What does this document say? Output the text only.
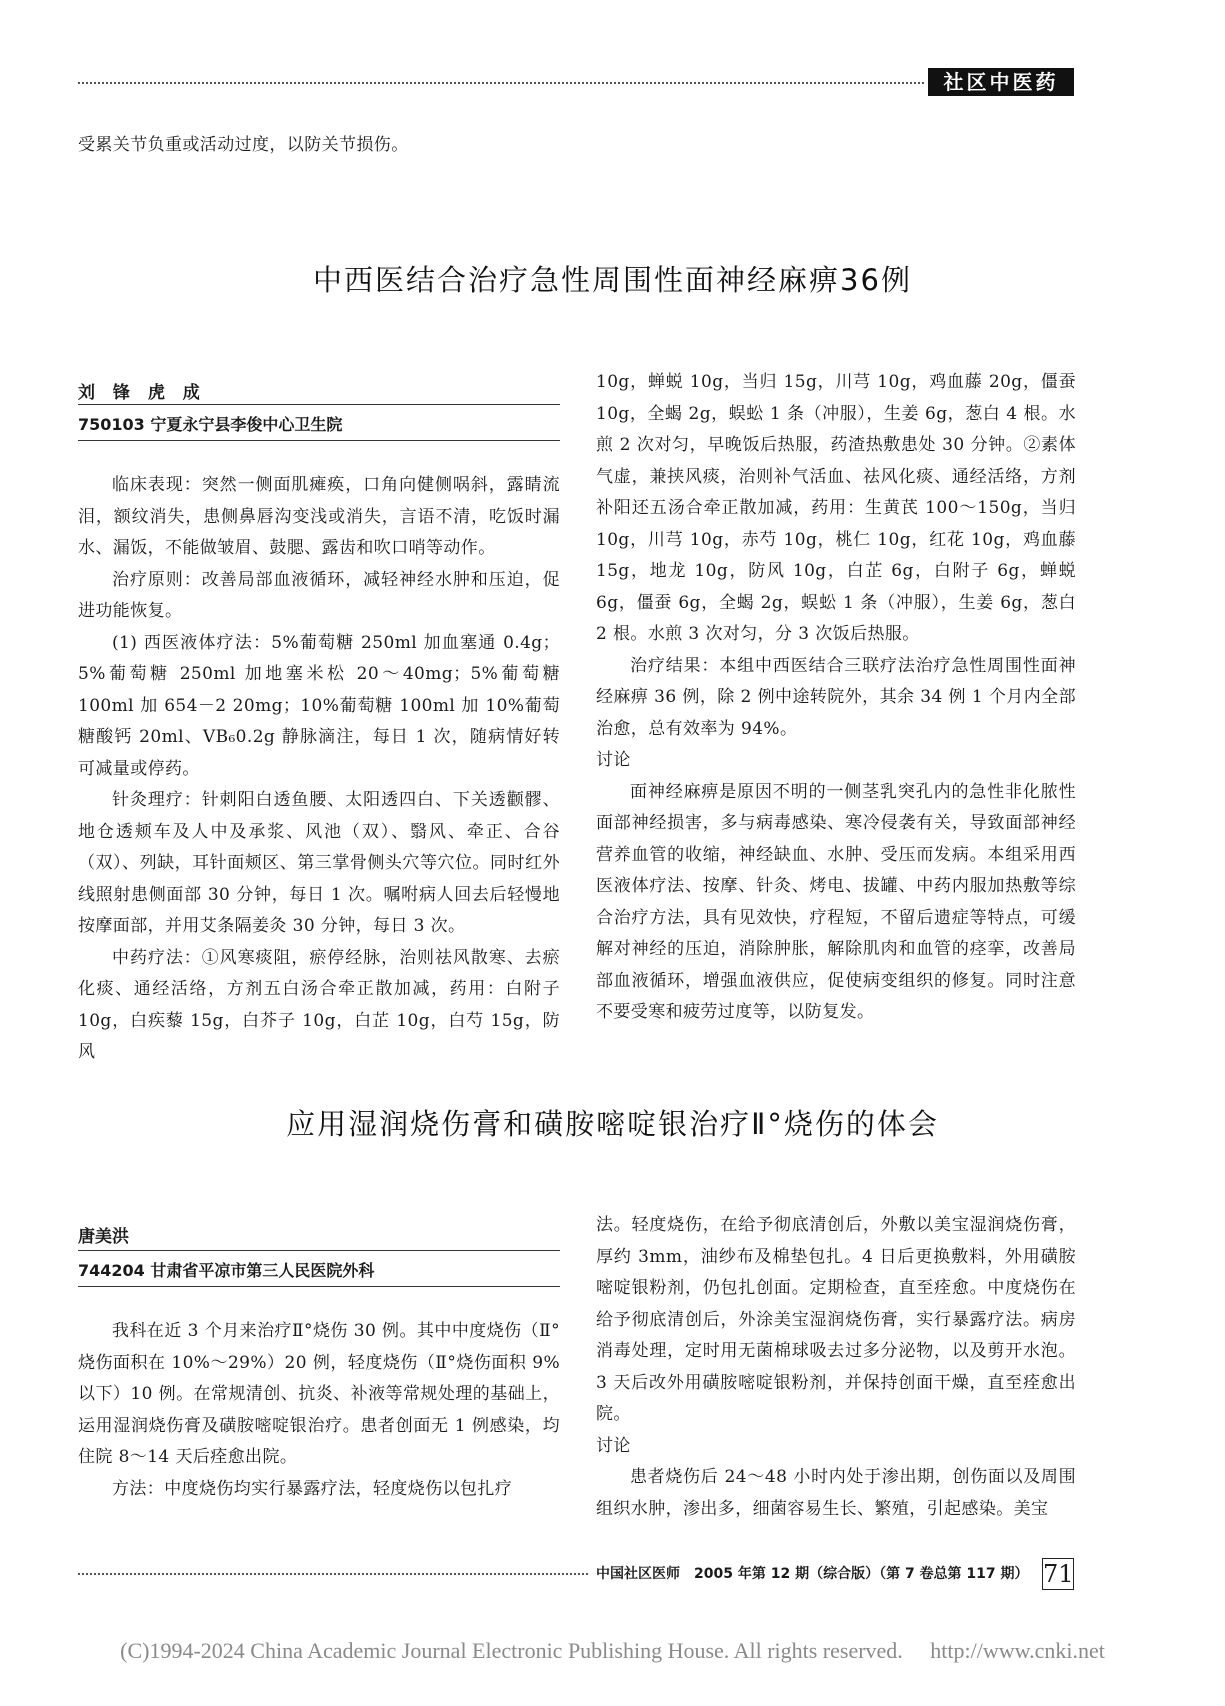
社区中医药
受累关节负重或活动过度，以防关节损伤。
中西医结合治疗急性周围性面神经麻痹36例
刘 锋 虎 成
750103 宁夏永宁县李俊中心卫生院

临床表现：突然一侧面肌瘫痪，口角向健侧㖞斜，露睛流泪，额纹消失，患侧鼻唇沟变浅或消失，言语不清，吃饭时漏水、漏饭，不能做皱眉、鼓腮、露齿和吹口哨等动作。

治疗原则：改善局部血液循环，减轻神经水肿和压迫，促进功能恢复。

(1) 西医液体疗法：5%葡萄糖 250ml 加血塞通 0.4g；5%葡萄糖 250ml 加地塞米松 20～40mg；5%葡萄糖 100ml 加 654－2 20mg；10%葡萄糖 100ml 加 10%葡萄糖酸钙 20ml、VB₆0.2g 静脉滴注，每日 1 次，随病情好转可减量或停药。

针灸理疗：针刺阳白透鱼腰、太阳透四白、下关透颧髎、地仓透颊车及人中及承浆、风池（双）、翳风、牵正、合谷（双）、列缺，耳针面颊区、第三掌骨侧头穴等穴位。同时红外线照射患侧面部 30 分钟，每日 1 次。嘱咐病人回去后轻慢地按摩面部，并用艾条隔姜灸 30 分钟，每日 3 次。

中药疗法：①风寒痰阻，瘀停经脉，治则祛风散寒、去瘀化痰、通经活络，方剂五白汤合牵正散加减，药用：白附子 10g，白疾藜 15g，白芥子 10g，白芷 10g，白芍 15g，防风

10g，蝉蜕 10g，当归 15g，川芎 10g，鸡血藤 20g，僵蚕 10g，全蝎 2g，蜈蚣 1 条（冲服），生姜 6g，葱白 4 根。水煎 2 次对匀，早晚饭后热服，药渣热敷患处 30 分钟。②素体气虚，兼挟风痰，治则补气活血、祛风化痰、通经活络，方剂补阳还五汤合牵正散加减，药用：生黄芪 100～150g，当归 10g，川芎 10g，赤芍 10g，桃仁 10g，红花 10g，鸡血藤 15g，地龙 10g，防风 10g，白芷 6g，白附子 6g，蝉蜕 6g，僵蚕 6g，全蝎 2g，蜈蚣 1 条（冲服），生姜 6g，葱白 2 根。水煎 3 次对匀，分 3 次饭后热服。

治疗结果：本组中西医结合三联疗法治疗急性周围性面神经麻痹 36 例，除 2 例中途转院外，其余 34 例 1 个月内全部治愈，总有效率为 94%。

讨论

面神经麻痹是原因不明的一侧茎乳突孔内的急性非化脓性面部神经损害，多与病毒感染、寒冷侵袭有关，导致面部神经营养血管的收缩，神经缺血、水肿、受压而发病。本组采用西医液体疗法、按摩、针灸、烤电、拔罐、中药内服加热敷等综合治疗方法，具有见效快，疗程短，不留后遗症等特点，可缓解对神经的压迫，消除肿胀，解除肌肉和血管的痉挛，改善局部血液循环，增强血液供应，促使病变组织的修复。同时注意不要受寒和疲劳过度等，以防复发。

应用湿润烧伤膏和磺胺嘧啶银治疗Ⅱ°烧伤的体会
唐美洪
744204 甘肃省平凉市第三人民医院外科

我科在近 3 个月来治疗Ⅱ°烧伤 30 例。其中中度烧伤（Ⅱ°烧伤面积在 10%～29%）20 例，轻度烧伤（Ⅱ°烧伤面积 9%以下）10 例。在常规清创、抗炎、补液等常规处理的基础上，运用湿润烧伤膏及磺胺嘧啶银治疗。患者创面无 1 例感染，均住院 8～14 天后痊愈出院。

方法：中度烧伤均实行暴露疗法，轻度烧伤以包扎疗

法。轻度烧伤，在给予彻底清创后，外敷以美宝湿润烧伤膏，厚约 3mm，油纱布及棉垫包扎。4 日后更换敷料，外用磺胺嘧啶银粉剂，仍包扎创面。定期检查，直至痊愈。中度烧伤在给予彻底清创后，外涂美宝湿润烧伤膏，实行暴露疗法。病房消毒处理，定时用无菌棉球吸去过多分泌物，以及剪开水泡。3 天后改外用磺胺嘧啶银粉剂，并保持创面干燥，直至痊愈出院。

讨论

患者烧伤后 24～48 小时内处于渗出期，创伤面以及周围组织水肿，渗出多，细菌容易生长、繁殖，引起感染。美宝

中国社区医师　2005 年第 12 期（综合版）（第 7 卷总第 117 期） 71
(C)1994-2024 China Academic Journal Electronic Publishing House. All rights reserved.　 http://www.cnki.net
